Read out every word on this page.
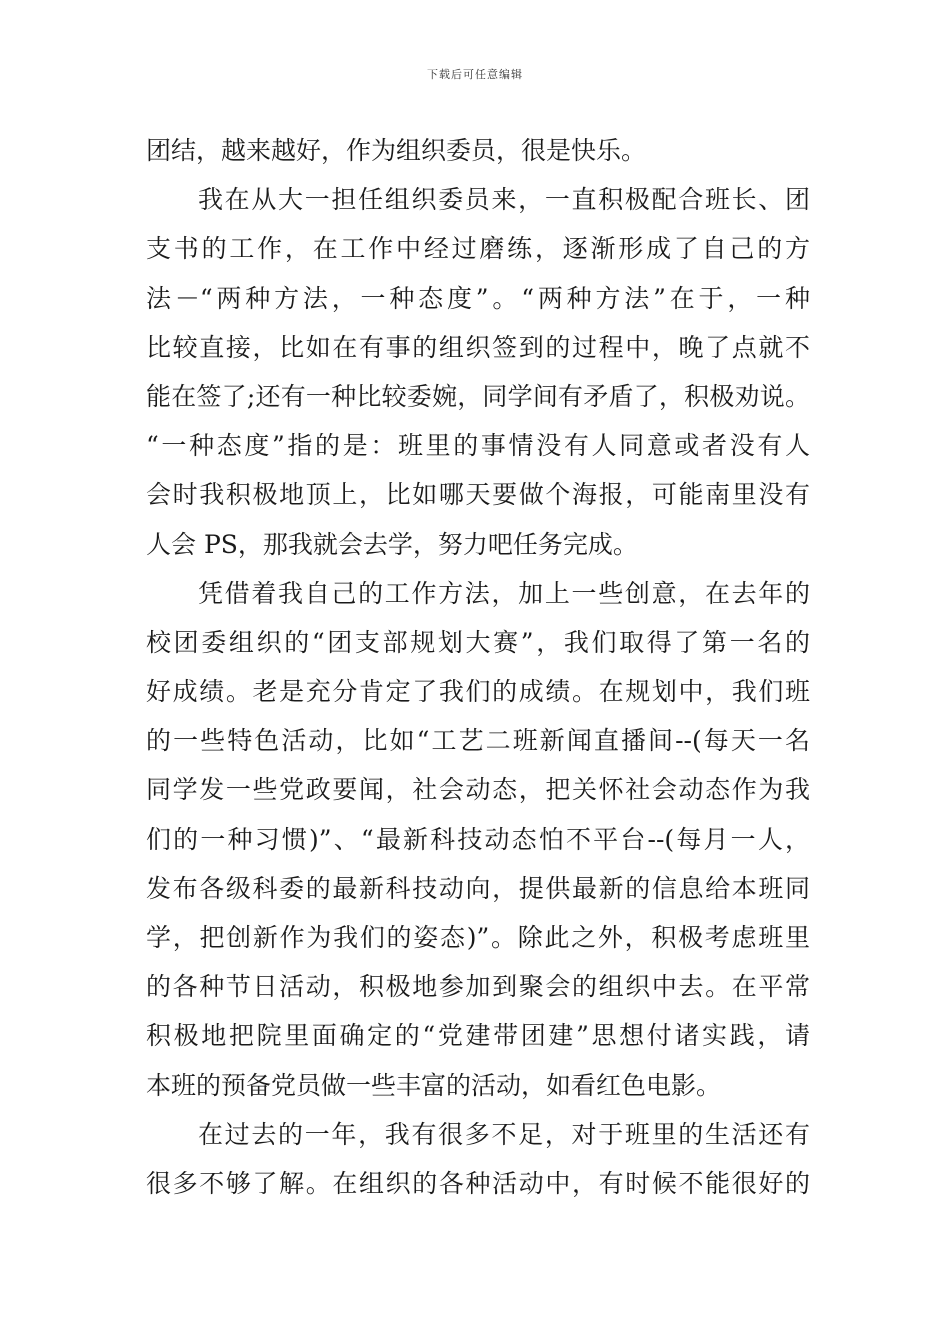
下载后可任意编辑
团结，越来越好，作为组织委员，很是快乐。
我在从大一担任组织委员来，一直积极配合班长、团
支书的工作，在工作中经过磨练，逐渐形成了自己的方
法－“两种方法，一种态度”。“两种方法”在于，一种
比较直接，比如在有事的组织签到的过程中，晚了点就不
能在签了;还有一种比较委婉，同学间有矛盾了，积极劝说。
“一种态度”指的是：班里的事情没有人同意或者没有人
会时我积极地顶上，比如哪天要做个海报，可能南里没有
人会 PS，那我就会去学，努力吧任务完成。
凭借着我自己的工作方法，加上一些创意，在去年的
校团委组织的“团支部规划大赛”，我们取得了第一名的
好成绩。老是充分肯定了我们的成绩。在规划中，我们班
的一些特色活动，比如“工艺二班新闻直播间--(每天一名
同学发一些党政要闻，社会动态，把关怀社会动态作为我
们的一种习惯)”、“最新科技动态怕不平台--(每月一人，
发布各级科委的最新科技动向，提供最新的信息给本班同
学，把创新作为我们的姿态)”。除此之外，积极考虑班里
的各种节日活动，积极地参加到聚会的组织中去。在平常
积极地把院里面确定的“党建带团建”思想付诸实践，请
本班的预备党员做一些丰富的活动，如看红色电影。
在过去的一年，我有很多不足，对于班里的生活还有
很多不够了解。在组织的各种活动中，有时候不能很好的
